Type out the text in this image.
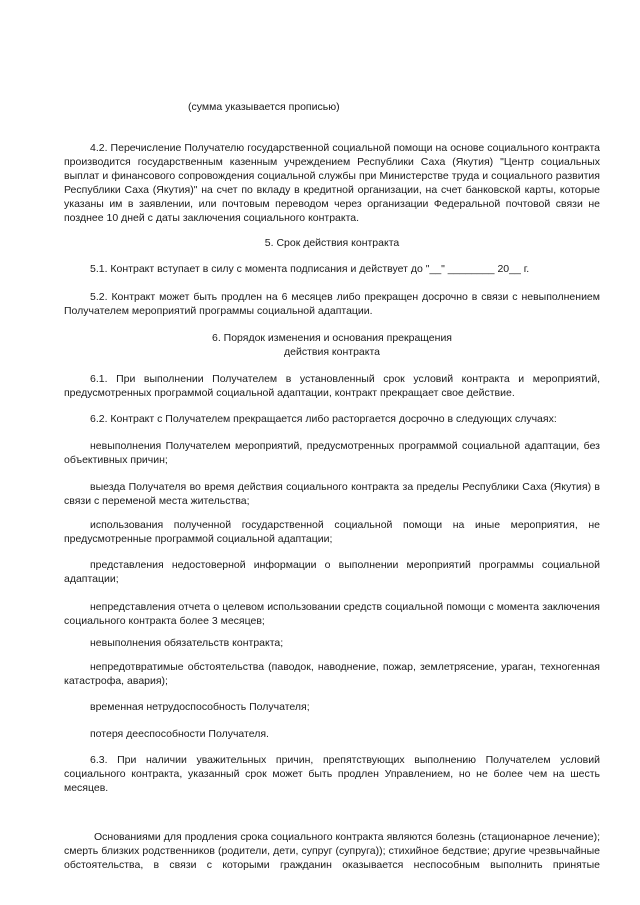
(сумма указывается прописью)
4.2. Перечисление Получателю государственной социальной помощи на основе социального контракта
производится государственным казенным учреждением Республики Саха (Якутия) "Центр социальных
выплат и финансового сопровождения социальной службы при Министерстве труда и социального развития
Республики Саха (Якутия)" на счет по вкладу в кредитной организации, на счет банковской карты, которые
указаны им в заявлении, или почтовым переводом через организации Федеральной почтовой связи не
позднее 10 дней с даты заключения социального контракта.
5. Срок действия контракта
5.1. Контракт вступает в силу с момента подписания и действует до "__" ________ 20__ г.
5.2. Контракт может быть продлен на 6 месяцев либо прекращен досрочно в связи с невыполнением
Получателем мероприятий программы социальной адаптации.
6. Порядок изменения и основания прекращения
действия контракта
6.1. При выполнении Получателем в установленный срок условий контракта и мероприятий,
предусмотренных программой социальной адаптации, контракт прекращает свое действие.
6.2. Контракт с Получателем прекращается либо расторгается досрочно в следующих случаях:
невыполнения Получателем мероприятий, предусмотренных программой социальной адаптации, без
объективных причин;
выезда Получателя во время действия социального контракта за пределы Республики Саха (Якутия) в
связи с переменой места жительства;
использования полученной государственной социальной помощи на иные мероприятия, не
предусмотренные программой социальной адаптации;
представления недостоверной информации о выполнении мероприятий программы социальной
адаптации;
непредставления отчета о целевом использовании средств социальной помощи с момента заключения
социального контракта более 3 месяцев;
невыполнения обязательств контракта;
непредотвратимые обстоятельства (паводок, наводнение, пожар, землетрясение, ураган, техногенная
катастрофа, авария);
временная нетрудоспособность Получателя;
потеря дееспособности Получателя.
6.3. При наличии уважительных причин, препятствующих выполнению Получателем условий
социального контракта, указанный срок может быть продлен Управлением, но не более чем на шесть
месяцев.
Основаниями для продления срока социального контракта являются болезнь (стационарное лечение);
смерть близких родственников (родители, дети, супруг (супруга)); стихийное бедствие; другие чрезвычайные
обстоятельства, в связи с которыми гражданин оказывается неспособным выполнить принятые
